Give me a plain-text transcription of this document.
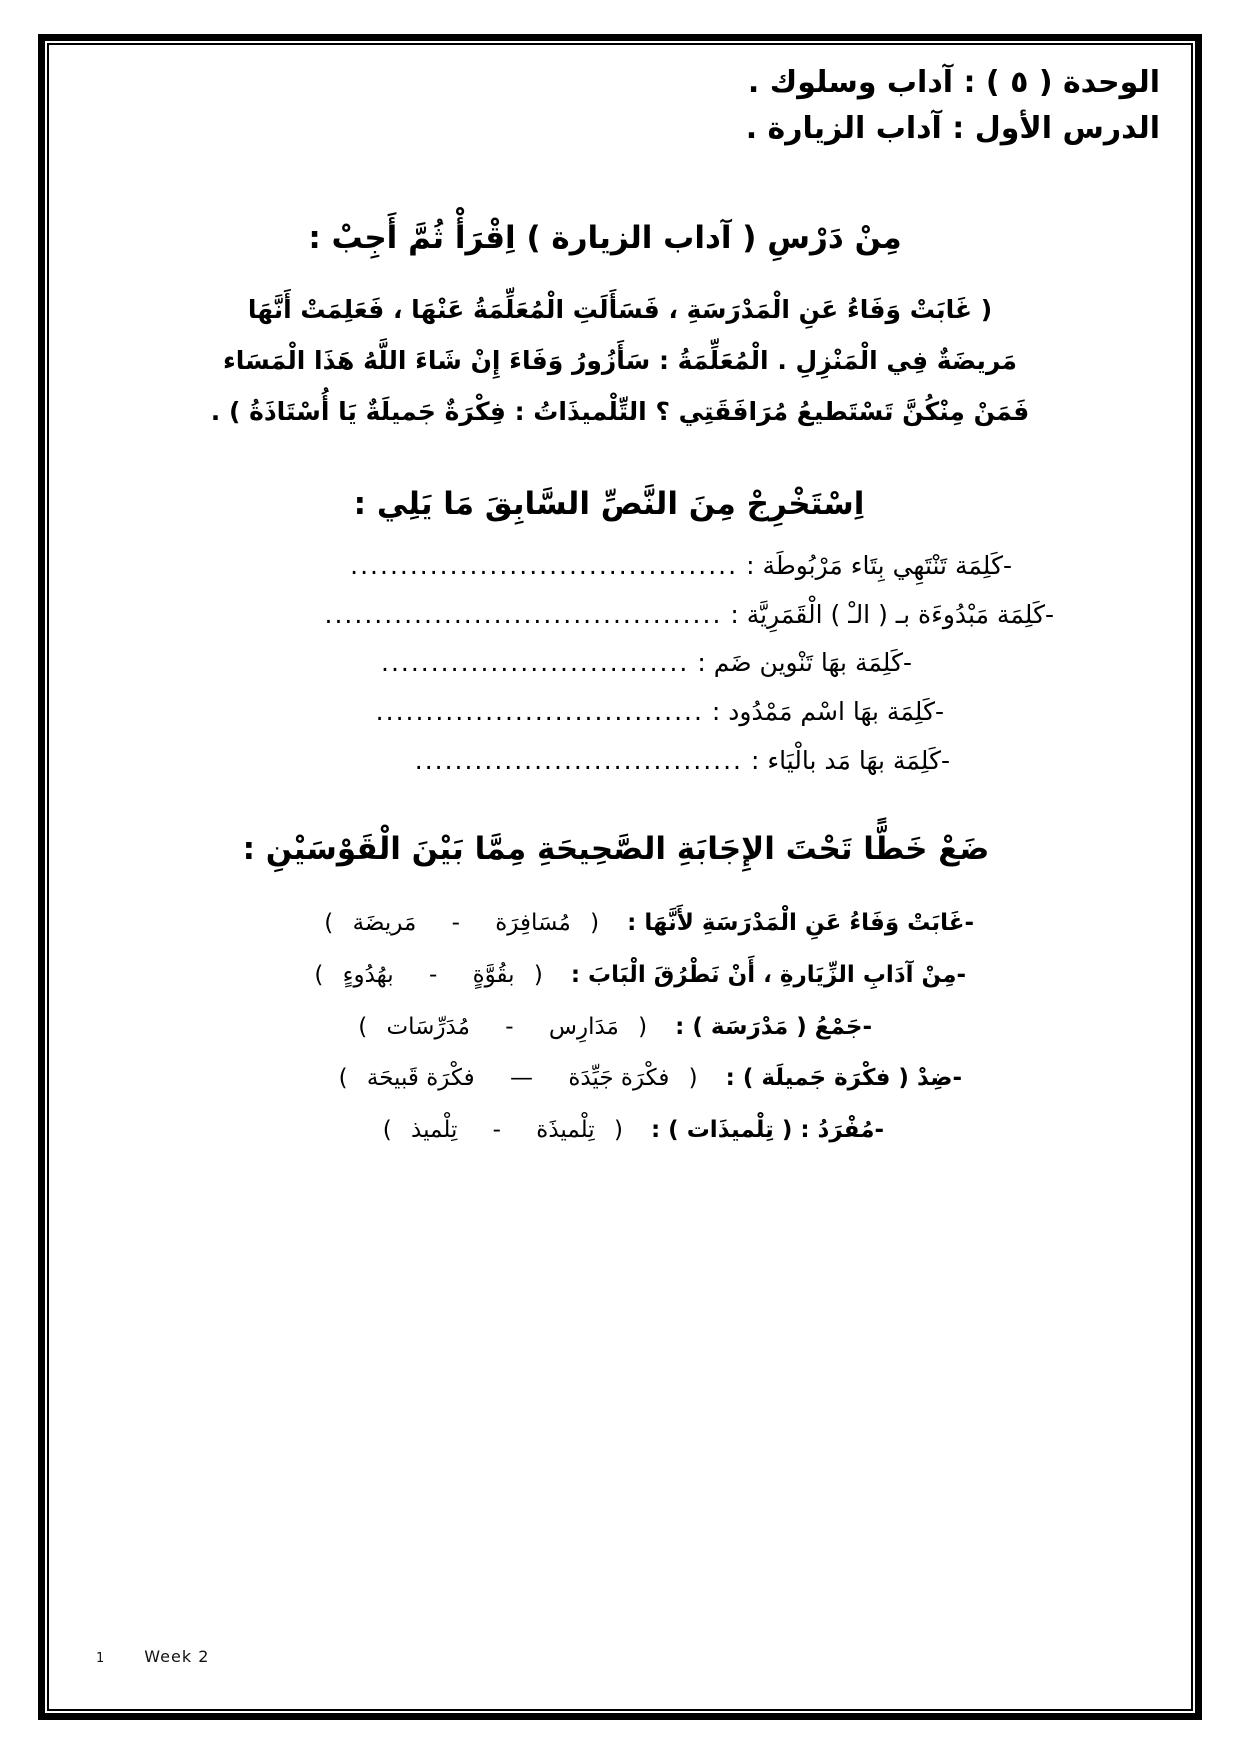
الوحدة ( ٥ ) : آداب وسلوك .
الدرس الأول : آداب الزيارة .
مِنْ دَرْسِ ( آداب الزيارة ) اِقْرَأْ ثُمَّ أَجِبْ :
( غَابَتْ وَفَاءُ عَنِ الْمَدْرَسَةِ ، فَسَأَلَتِ الْمُعَلِّمَةُ عَنْهَا ، فَعَلِمَتْ أَنَّهَا
مَريضَةٌ فِي الْمَنْزِلِ . الْمُعَلِّمَةُ : سَأَزُورُ وَفَاءَ إِنْ شَاءَ اللَّهُ هَذَا الْمَسَاء
فَمَنْ مِنْكُنَّ تَسْتَطيعُ مُرَافَقَتِي ؟ التِّلْميذَاتُ : فِكْرَةٌ جَميلَةٌ يَا أُسْتَاذَةُ ) .
اِسْتَخْرِجْ مِنَ النَّصِّ السَّابِقَ مَا يَلِي :
-كَلِمَة تَنْتَهِي بِتَاء مَرْبُوطَة :
.......................................
-كَلِمَة مَبْدُوءَة بـ ( الـْ ) الْقَمَرِيَّة :
........................................
-كَلِمَة بهَا تَنْوين ضَم :
...............................
-كَلِمَة بهَا اسْم مَمْدُود :
.................................
-كَلِمَة بهَا مَد بالْيَاء :
.................................
ضَعْ خَطًّا تَحْتَ الإِجَابَةِ الصَّحِيحَةِ مِمَّا بَيْنَ الْقَوْسَيْنِ :
-غَابَتْ وَفَاءُ عَنِ الْمَدْرَسَةِ لأَنَّهَا :
( مُسَافِرَة - مَريضَة )
-مِنْ آدَابِ الزِّيَارةِ ، أَنْ نَطْرُقَ الْبَابَ :
( بقُوَّةٍ - بهُدُوءٍ )
-جَمْعُ ( مَدْرَسَة ) :
( مَدَارِس - مُدَرِّسَات )
-ضِدْ ( فكْرَة جَميلَة ) :
( فكْرَة جَيِّدَة — فكْرَة قَبيحَة )
-مُفْرَدُ : ( تِلْميذَات ) :
( تِلْميذَة - تِلْميذ )
1	Week 2
